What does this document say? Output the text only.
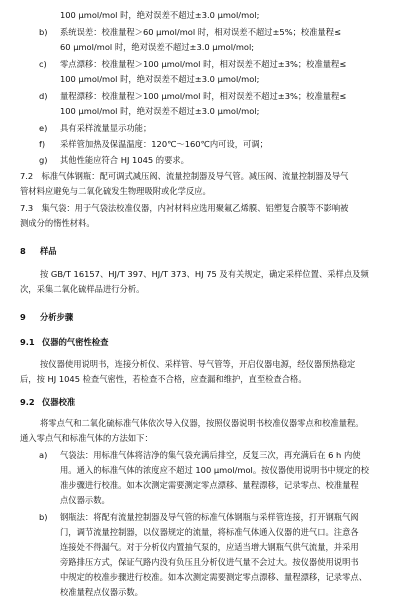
100 μmol/mol 时，绝对误差不超过±3.0 μmol/mol;
b) 系统误差：校准量程＞60 μmol/mol 时，相对误差不超过±5%；校准量程≤
60 μmol/mol 时，绝对误差不超过±3.0 μmol/mol;
c) 零点漂移：校准量程＞100 μmol/mol 时，相对误差不超过±3%；校准量程≤
100 μmol/mol 时，绝对误差不超过±3.0 μmol/mol;
d) 量程漂移：校准量程＞100 μmol/mol 时，相对误差不超过±3%；校准量程≤
100 μmol/mol 时，绝对误差不超过±3.0 μmol/mol;
e) 具有采样流量显示功能；
f) 采样管加热及保温温度：120℃～160℃内可设，可调；
g) 其他性能应符合 HJ 1045 的要求。
7.2　标准气体钢瓶：配可调式减压阀、流量控制器及导气管。减压阀、流量控制器及导气
管材料应避免与二氧化硫发生物理吸附或化学反应。
7.3　集气袋：用于气袋法校准仪器，内衬材料应选用聚氟乙烯膜、铝塑复合膜等不影响被
测成分的惰性材料。
8 样品
按 GB/T 16157、HJ/T 397、HJ/T 373、HJ 75 及有关规定，确定采样位置、采样点及频
次，采集二氧化硫样品进行分析。
9 分析步骤
9.1 仪器的气密性检查
按仪器使用说明书，连接分析仪、采样管、导气管等，开启仪器电源，经仪器预热稳定
后，按 HJ 1045 检查气密性，若检查不合格，应查漏和维护，直至检查合格。
9.2 仪器校准
将零点气和二氧化硫标准气体依次导入仪器，按照仪器说明书校准仪器零点和校准量程。
通入零点气和标准气体的方法如下：
a) 气袋法：用标准气体将洁净的集气袋充满后排空，反复三次，再充满后在 6 h 内使
用。通入的标准气体的浓度应不超过 100 μmol/mol。按仪器使用说明书中规定的校
准步骤进行校准。如本次测定需要测定零点漂移、量程漂移，记录零点、校准量程
点仪器示数。
b) 钢瓶法：将配有流量控制器及导气管的标准气体钢瓶与采样管连接，打开钢瓶气阀
门，调节流量控制器，以仪器规定的流量，将标准气体通入仪器的进气口。注意各
连接处不得漏气。对于分析仪内置抽气泵的，应适当增大钢瓶气供气流量，并采用
旁路排压方式，保证气路内没有负压且分析仪进气量不会过大。按仪器使用说明书
中规定的校准步骤进行校准。如本次测定需要测定零点漂移、量程漂移，记录零点、
校准量程点仪器示数。
